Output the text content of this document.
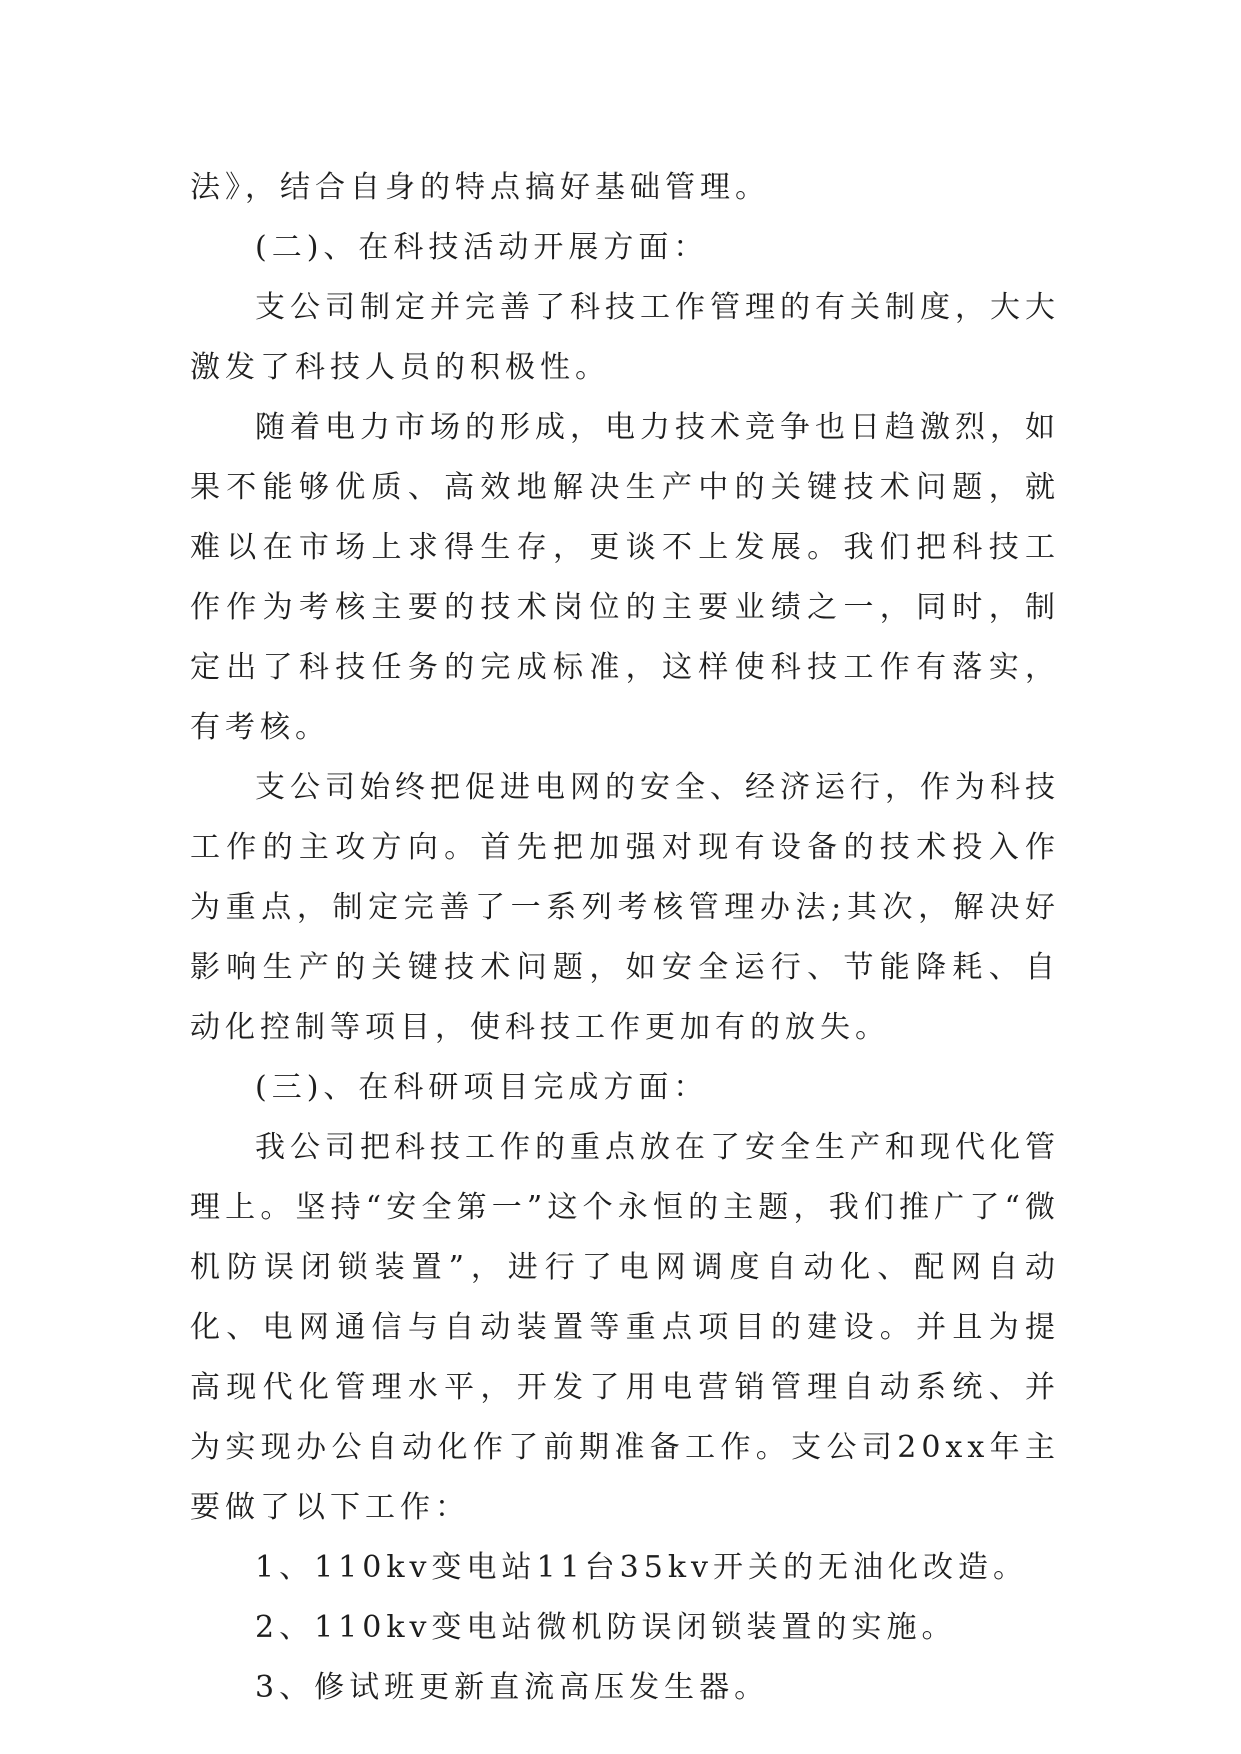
法》，结合自身的特点搞好基础管理。

(二)、在科技活动开展方面：

支公司制定并完善了科技工作管理的有关制度，大大激发了科技人员的积极性。

随着电力市场的形成，电力技术竞争也日趋激烈，如果不能够优质、高效地解决生产中的关键技术问题，就难以在市场上求得生存，更谈不上发展。我们把科技工作作为考核主要的技术岗位的主要业绩之一，同时，制定出了科技任务的完成标准，这样使科技工作有落实，有考核。

支公司始终把促进电网的安全、经济运行，作为科技工作的主攻方向。首先把加强对现有设备的技术投入作为重点，制定完善了一系列考核管理办法;其次，解决好影响生产的关键技术问题，如安全运行、节能降耗、自动化控制等项目，使科技工作更加有的放失。

(三)、在科研项目完成方面：

我公司把科技工作的重点放在了安全生产和现代化管理上。坚持“安全第一”这个永恒的主题，我们推广了“微机防误闭锁装置”，进行了电网调度自动化、配网自动化、电网通信与自动装置等重点项目的建设。并且为提高现代化管理水平，开发了用电营销管理自动系统、并为实现办公自动化作了前期准备工作。支公司20xx年主要做了以下工作：

1、110kv变电站11台35kv开关的无油化改造。

2、110kv变电站微机防误闭锁装置的实施。

3、修试班更新直流高压发生器。
